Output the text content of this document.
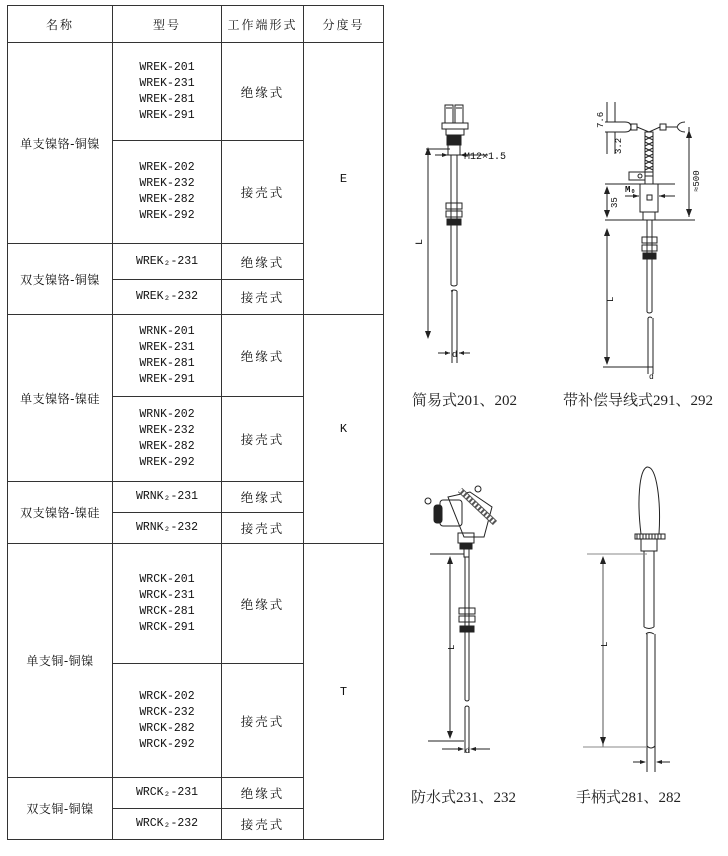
名称	型号	工作端形式	分度号
单支镍铬-铜镍	WREK-201
WREK-231
WREK-281
WREK-291	绝缘式	E

	WREK-202
WREK-232
WREK-282
WREK-292	接壳式	
双支镍铬-铜镍	WREK₂-231	绝缘式	
	WREK₂-232	接壳式	
单支镍铬-镍硅	WRNK-201
WREK-231
WREK-281
WREK-291	绝缘式	K

	WRNK-202
WREK-232
WREK-282
WREK-292	接壳式	
双支镍铬-镍硅	WRNK₂-231	绝缘式	
	WRNK₂-232	接壳式	
单支铜-铜镍	WRCK-201
WRCK-231
WRCK-281
WRCK-291	绝缘式	T

	WRCK-202
WRCK-232
WRCK-282
WRCK-292	接壳式	
双支铜-铜镍	WRCK₂-231	绝缘式	
	WRCK₂-232	接壳式	
M12×1.5
L
d
简易式201、202
7.6
3.2
≈500
M₀
35
L
d
带补偿导线式291、292
L
d
防水式231、232
L
手柄式281、282
